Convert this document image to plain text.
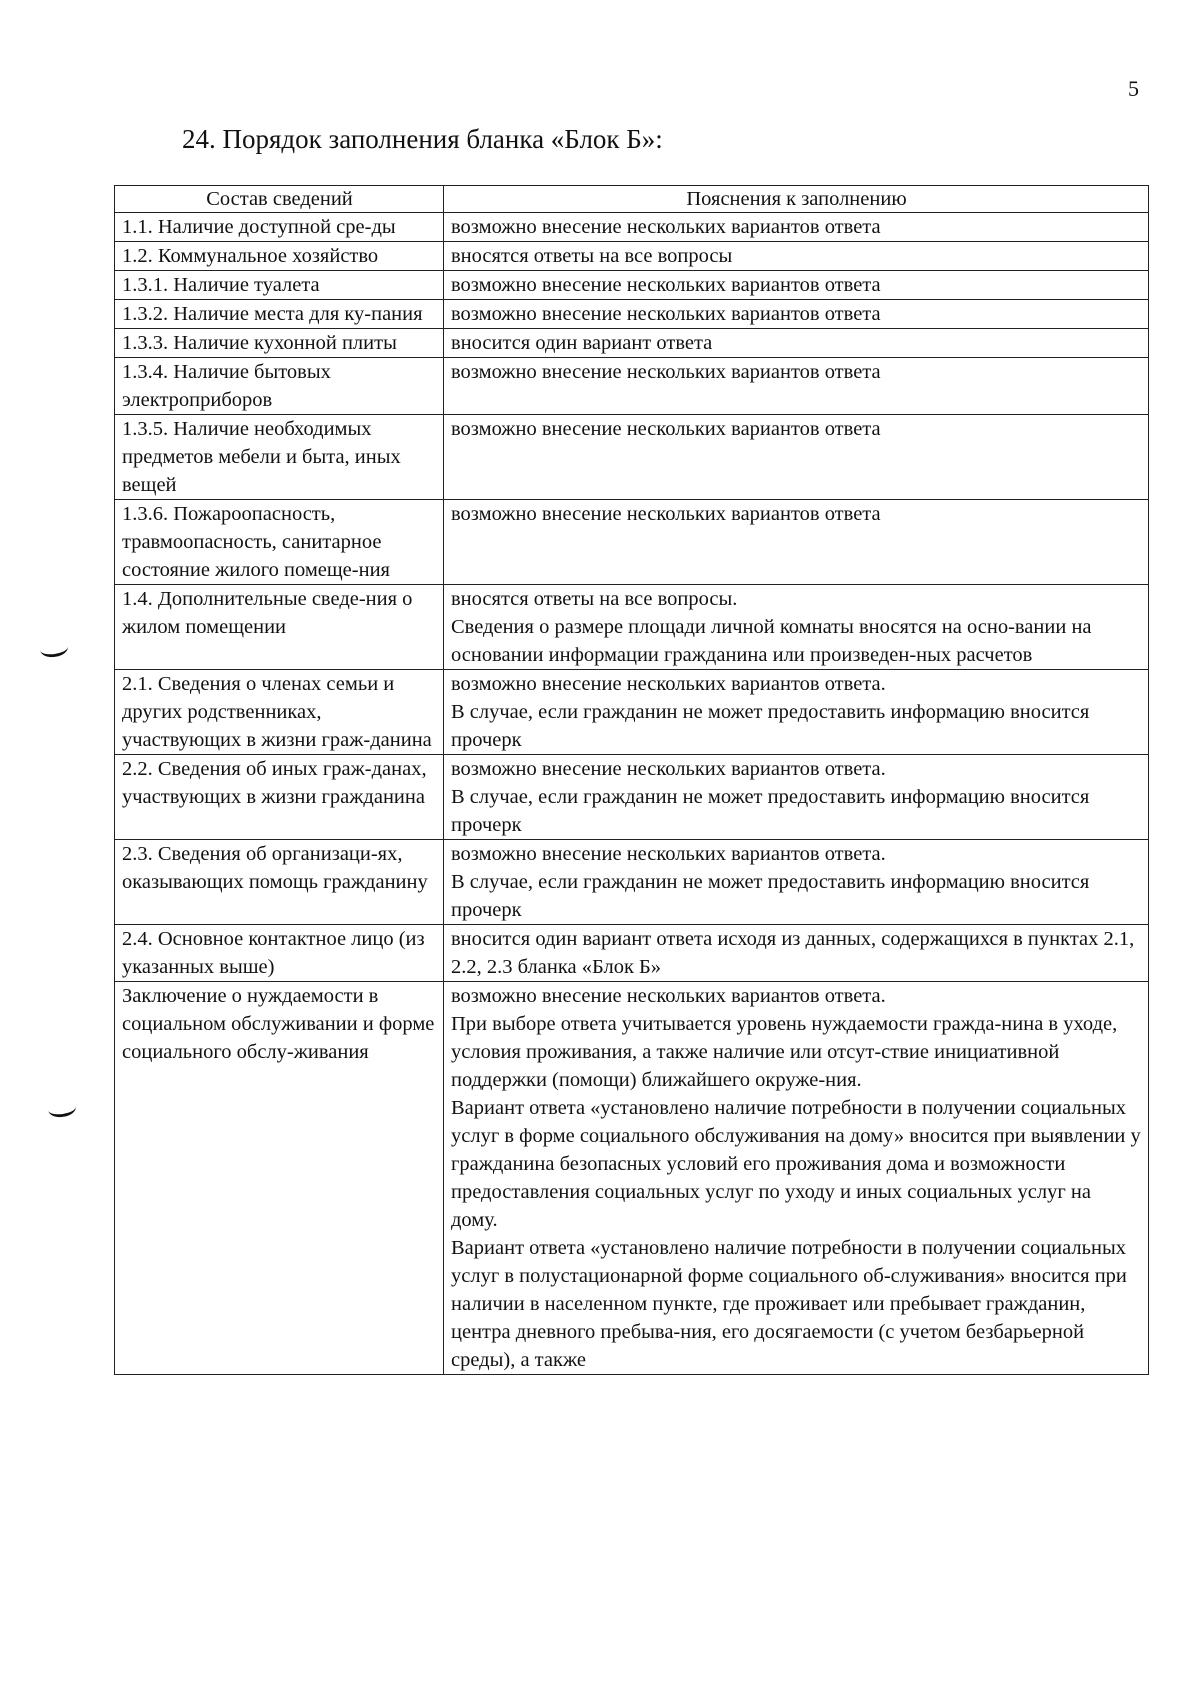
5
24. Порядок заполнения бланка «Блок Б»:
Состав сведений	Пояснения к заполнению
1.1. Наличие доступной сре-ды	возможно внесение нескольких вариантов ответа

1.2. Коммунальное хозяйство	вносятся ответы на все вопросы

1.3.1. Наличие туалета	возможно внесение нескольких вариантов ответа

1.3.2. Наличие места для ку-пания	возможно внесение нескольких вариантов ответа

1.3.3. Наличие кухонной плиты	вносится один вариант ответа

1.3.4. Наличие бытовых электроприборов	возможно внесение нескольких вариантов ответа

1.3.5. Наличие необходимых предметов мебели и быта, иных вещей	возможно внесение нескольких вариантов ответа

1.3.6. Пожароопасность, травмоопасность, санитарное состояние жилого помеще-ния	возможно внесение нескольких вариантов ответа

1.4. Дополнительные сведе-ния о жилом помещении	вносятся ответы на все вопросы.
Сведения о размере площади личной комнаты вносятся на осно-вании на основании информации гражданина или произведен-ных расчетов

2.1. Сведения о членах семьи и других родственниках, участвующих в жизни граж-данина	возможно внесение нескольких вариантов ответа.
В случае, если гражданин не может предоставить информацию вносится прочерк

2.2. Сведения об иных граж-данах, участвующих в жизни гражданина	возможно внесение нескольких вариантов ответа.
В случае, если гражданин не может предоставить информацию вносится прочерк

2.3. Сведения об организаци-ях, оказывающих помощь гражданину	возможно внесение нескольких вариантов ответа.
В случае, если гражданин не может предоставить информацию вносится прочерк

2.4. Основное контактное лицо (из указанных выше)	вносится один вариант ответа исходя из данных, содержащихся в пунктах 2.1, 2.2, 2.3 бланка «Блок Б»

Заключение о нуждаемости в социальном обслуживании и форме социального обслу-живания	возможно внесение нескольких вариантов ответа.
При выборе ответа учитывается уровень нуждаемости гражда-нина в уходе, условия проживания, а также наличие или отсут-ствие инициативной поддержки (помощи) ближайшего окруже-ния.
Вариант ответа «установлено наличие потребности в получении социальных услуг в форме социального обслуживания на дому» вносится при выявлении у гражданина безопасных условий его проживания дома и возможности предоставления социальных услуг по уходу и иных социальных услуг на дому.
Вариант ответа «установлено наличие потребности в получении социальных услуг в полустационарной форме социального об-служивания» вносится при наличии в населенном пункте, где проживает или пребывает гражданин, центра дневного пребыва-ния, его досягаемости (с учетом безбарьерной среды), а также
